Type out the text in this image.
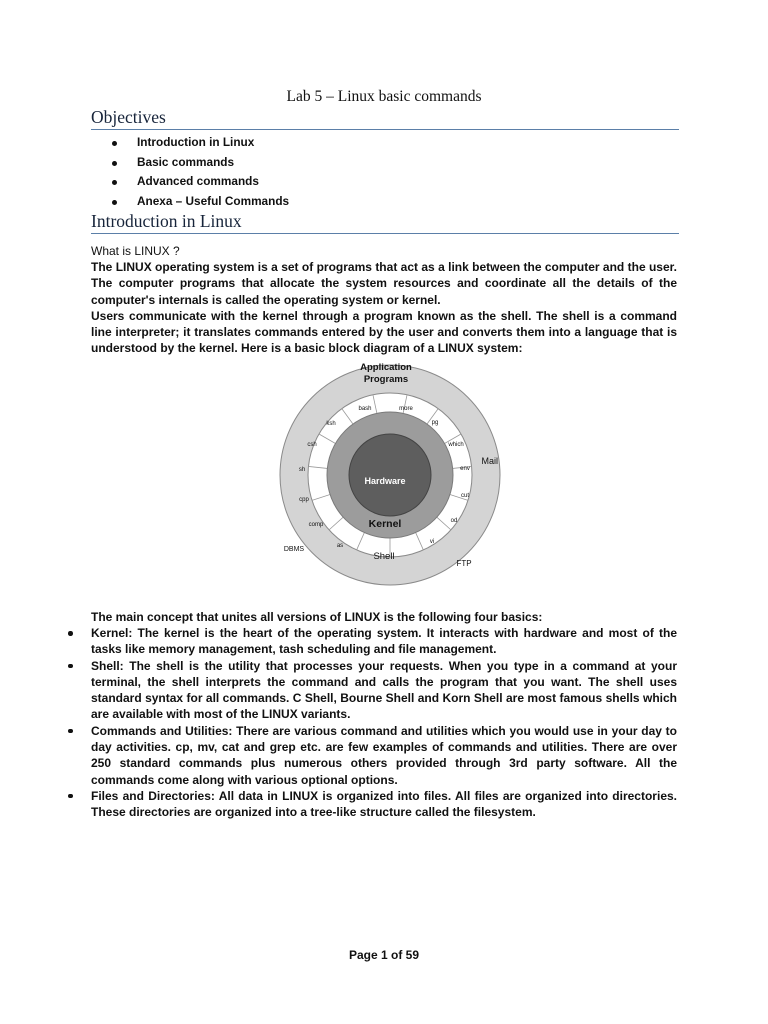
Lab 5 – Linux basic commands
Objectives
Introduction in Linux
Basic commands
Advanced commands
Anexa – Useful Commands
Introduction in Linux
What is LINUX ?

The LINUX operating system is a set of programs that act as a link between the computer and the user. The computer programs that allocate the system resources and coordinate all the details of the computer's internals is called the operating system or kernel.

Users communicate with the kernel through a program known as the shell. The shell is a command line interpreter; it translates commands entered by the user and converts them into a language that is understood by the kernel. Here is a basic block diagram of a LINUX system:

Application
Programs
Mail
FTP
DBMS
bash	more
pg
which
env
cut
od
vi
Shell
as
comp
cpp
sh
csh
ksh
Kernel
Hardware
The main concept that unites all versions of LINUX is the following four basics:
Kernel: The kernel is the heart of the operating system. It interacts with hardware and most of the tasks like memory management, tash scheduling and file management.
Shell: The shell is the utility that processes your requests. When you type in a command at your terminal, the shell interprets the command and calls the program that you want. The shell uses standard syntax for all commands. C Shell, Bourne Shell and Korn Shell are most famous shells which are available with most of the LINUX variants.
Commands and Utilities: There are various command and utilities which you would use in your day to day activities. cp, mv, cat and grep etc. are few examples of commands and utilities. There are over 250 standard commands plus numerous others provided through 3rd party software. All the commands come along with various optional options.
Files and Directories: All data in LINUX is organized into files. All files are organized into directories. These directories are organized into a tree-like structure called the filesystem.
Page 1 of 59
